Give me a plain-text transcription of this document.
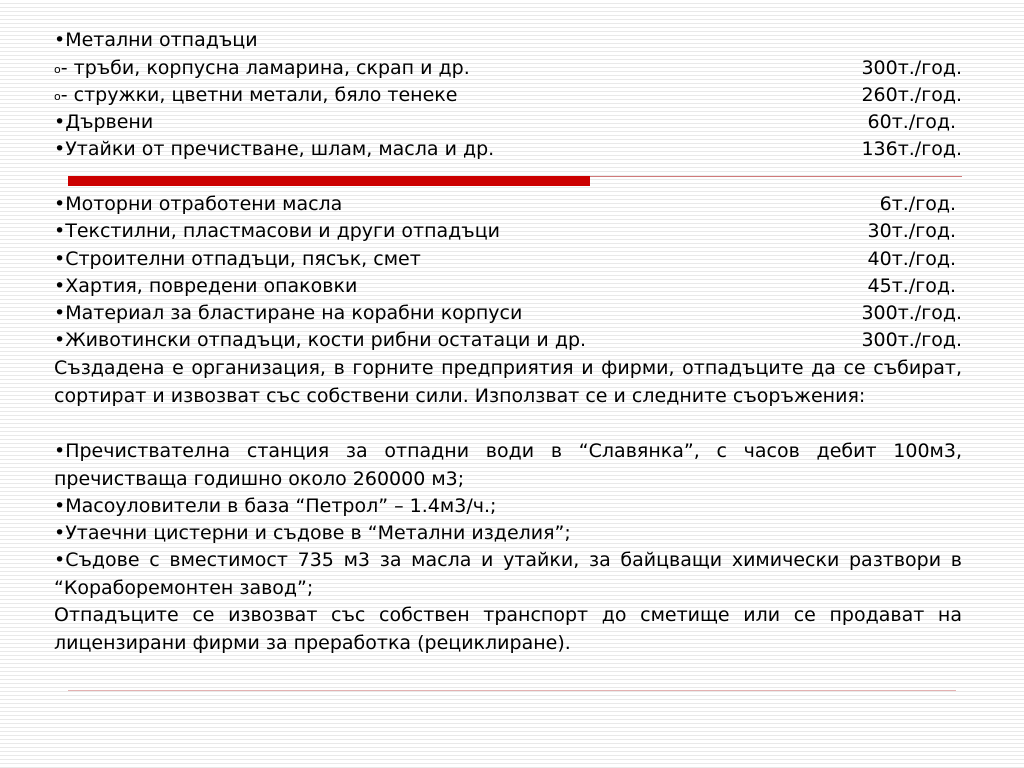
•Метални отпадъци
o- тръби, корпусна ламарина, скрап и др.	300т./год.
o- стружки, цветни метали, бяло тенеке	260т./год.
•Дървени	60т./год.
•Утайки от пречистване, шлам, масла и др.	136т./год.
•Моторни отработени масла	6т./год.
•Текстилни, пластмасови и други отпадъци	30т./год.
•Строителни отпадъци, пясък, смет	40т./год.
•Хартия, повредени опаковки	45т./год.
•Материал за бластиране на корабни корпуси	300т./год.
•Животински отпадъци, кости рибни остатаци и др.	300т./год.
Създадена е организация, в горните предприятия и фирми, отпадъците да се събират, сортират и извозват със собствени сили. Използват се и следните съоръжения:
•Пречиствателна станция за отпадни води в “Славянка”, с часов дебит 100м3, пречистваща годишно около 260000 м3;
•Масоуловители в база “Петрол” – 1.4м3/ч.;
•Утаечни цистерни и съдове в “Метални изделия”;
•Съдове с вместимост 735 м3 за масла и утайки, за байцващи химически разтвори в “Кораборемонтен завод”;
Отпадъците се извозват със собствен транспорт до сметище или се продават на лицензирани фирми за преработка (рециклиране).
